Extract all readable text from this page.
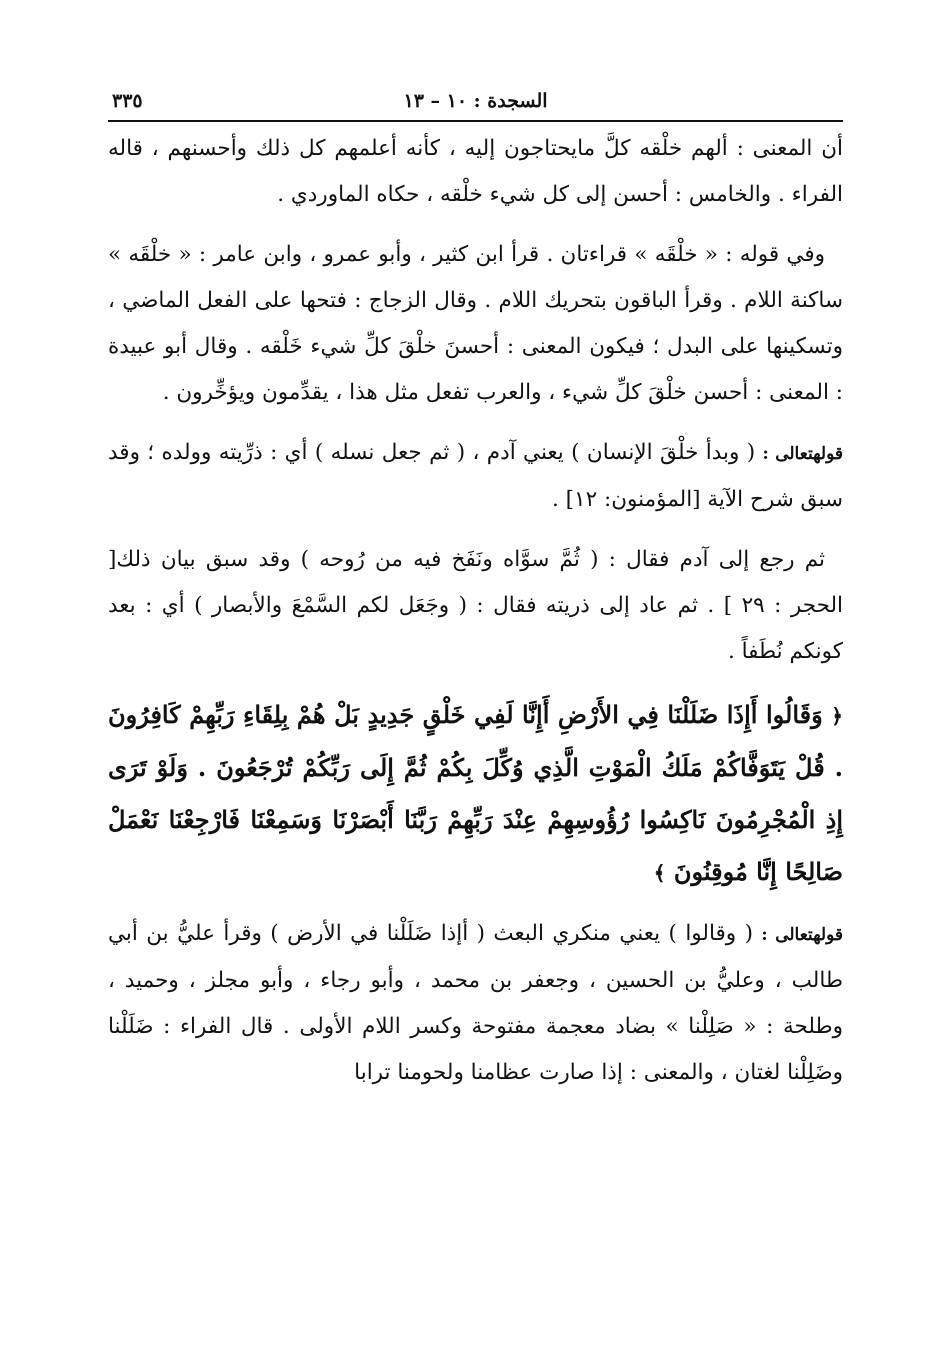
السجدة : ١٠ – ١٣
٣٣٥

أن المعنى : ألهم خلْقه كلَّ مايحتاجون إليه ، كأنه أعلمهم كل ذلك وأحسنهم ، قاله الفراء . والخامس : أحسن إلى كل شيء خلْقه ، حكاه الماوردي .

وفي قوله : « خلْقَه » قراءتان . قرأ ابن كثير ، وأبو عمرو ، وابن عامر : « خلْقَه » ساكنة اللام . وقرأ الباقون بتحريك اللام . وقال الزجاج : فتحها على الفعل الماضي ، وتسكينها على البدل ؛ فيكون المعنى : أحسنَ خلْقَ كلِّ شيء خَلْقه . وقال أبو عبيدة : المعنى : أحسن خلْقَ كلِّ شيء ، والعرب تفعل مثل هذا ، يقدِّمون ويؤخِّرون .

قولهتعالى : ( وبدأ خلْقَ الإنسان ) يعني آدم ، ( ثم جعل نسله ) أي : ذرِّيته وولده ؛ وقد سبق شرح الآية [المؤمنون: ١٢] .

ثم رجع إلى آدم فقال : ( ثُمَّ سوَّاه ونَفَخ فيه من رُوحه ) وقد سبق بيان ذلك[ الحجر : ٢٩ ] . ثم عاد إلى ذريته فقال : ( وجَعَل لكم السَّمْعَ والأبصار ) أي : بعد كونكم نُطَفاً .

﴿ وَقَالُوا أَإِذَا ضَلَلْنَا فِي الأَرْضِ أَإِنَّا لَفِي خَلْقٍ جَدِيدٍ بَلْ هُمْ بِلِقَاءِ رَبِّهِمْ كَافِرُونَ . قُلْ يَتَوَفَّاكُمْ مَلَكُ الْمَوْتِ الَّذِي وُكِّلَ بِكُمْ ثُمَّ إِلَى رَبِّكُمْ تُرْجَعُونَ . وَلَوْ تَرَى إِذِ الْمُجْرِمُونَ نَاكِسُوا رُؤُوسِهِمْ عِنْدَ رَبِّهِمْ رَبَّنَا أَبْصَرْنَا وَسَمِعْنَا فَارْجِعْنَا نَعْمَلْ صَالِحًا إِنَّا مُوقِنُونَ ﴾

قولهتعالى : ( وقالوا ) يعني منكري البعث ( أإذا ضَلَلْنا في الأرض ) وقرأ عليُّ بن أبي طالب ، وعليُّ بن الحسين ، وجعفر بن محمد ، وأبو رجاء ، وأبو مجلز ، وحميد ، وطلحة : « صَلِلْنا » بضاد معجمة مفتوحة وكسر اللام الأولى . قال الفراء : ضَلَلْنا وضَلِلْنا لغتان ، والمعنى : إذا صارت عظامنا ولحومنا ترابا
